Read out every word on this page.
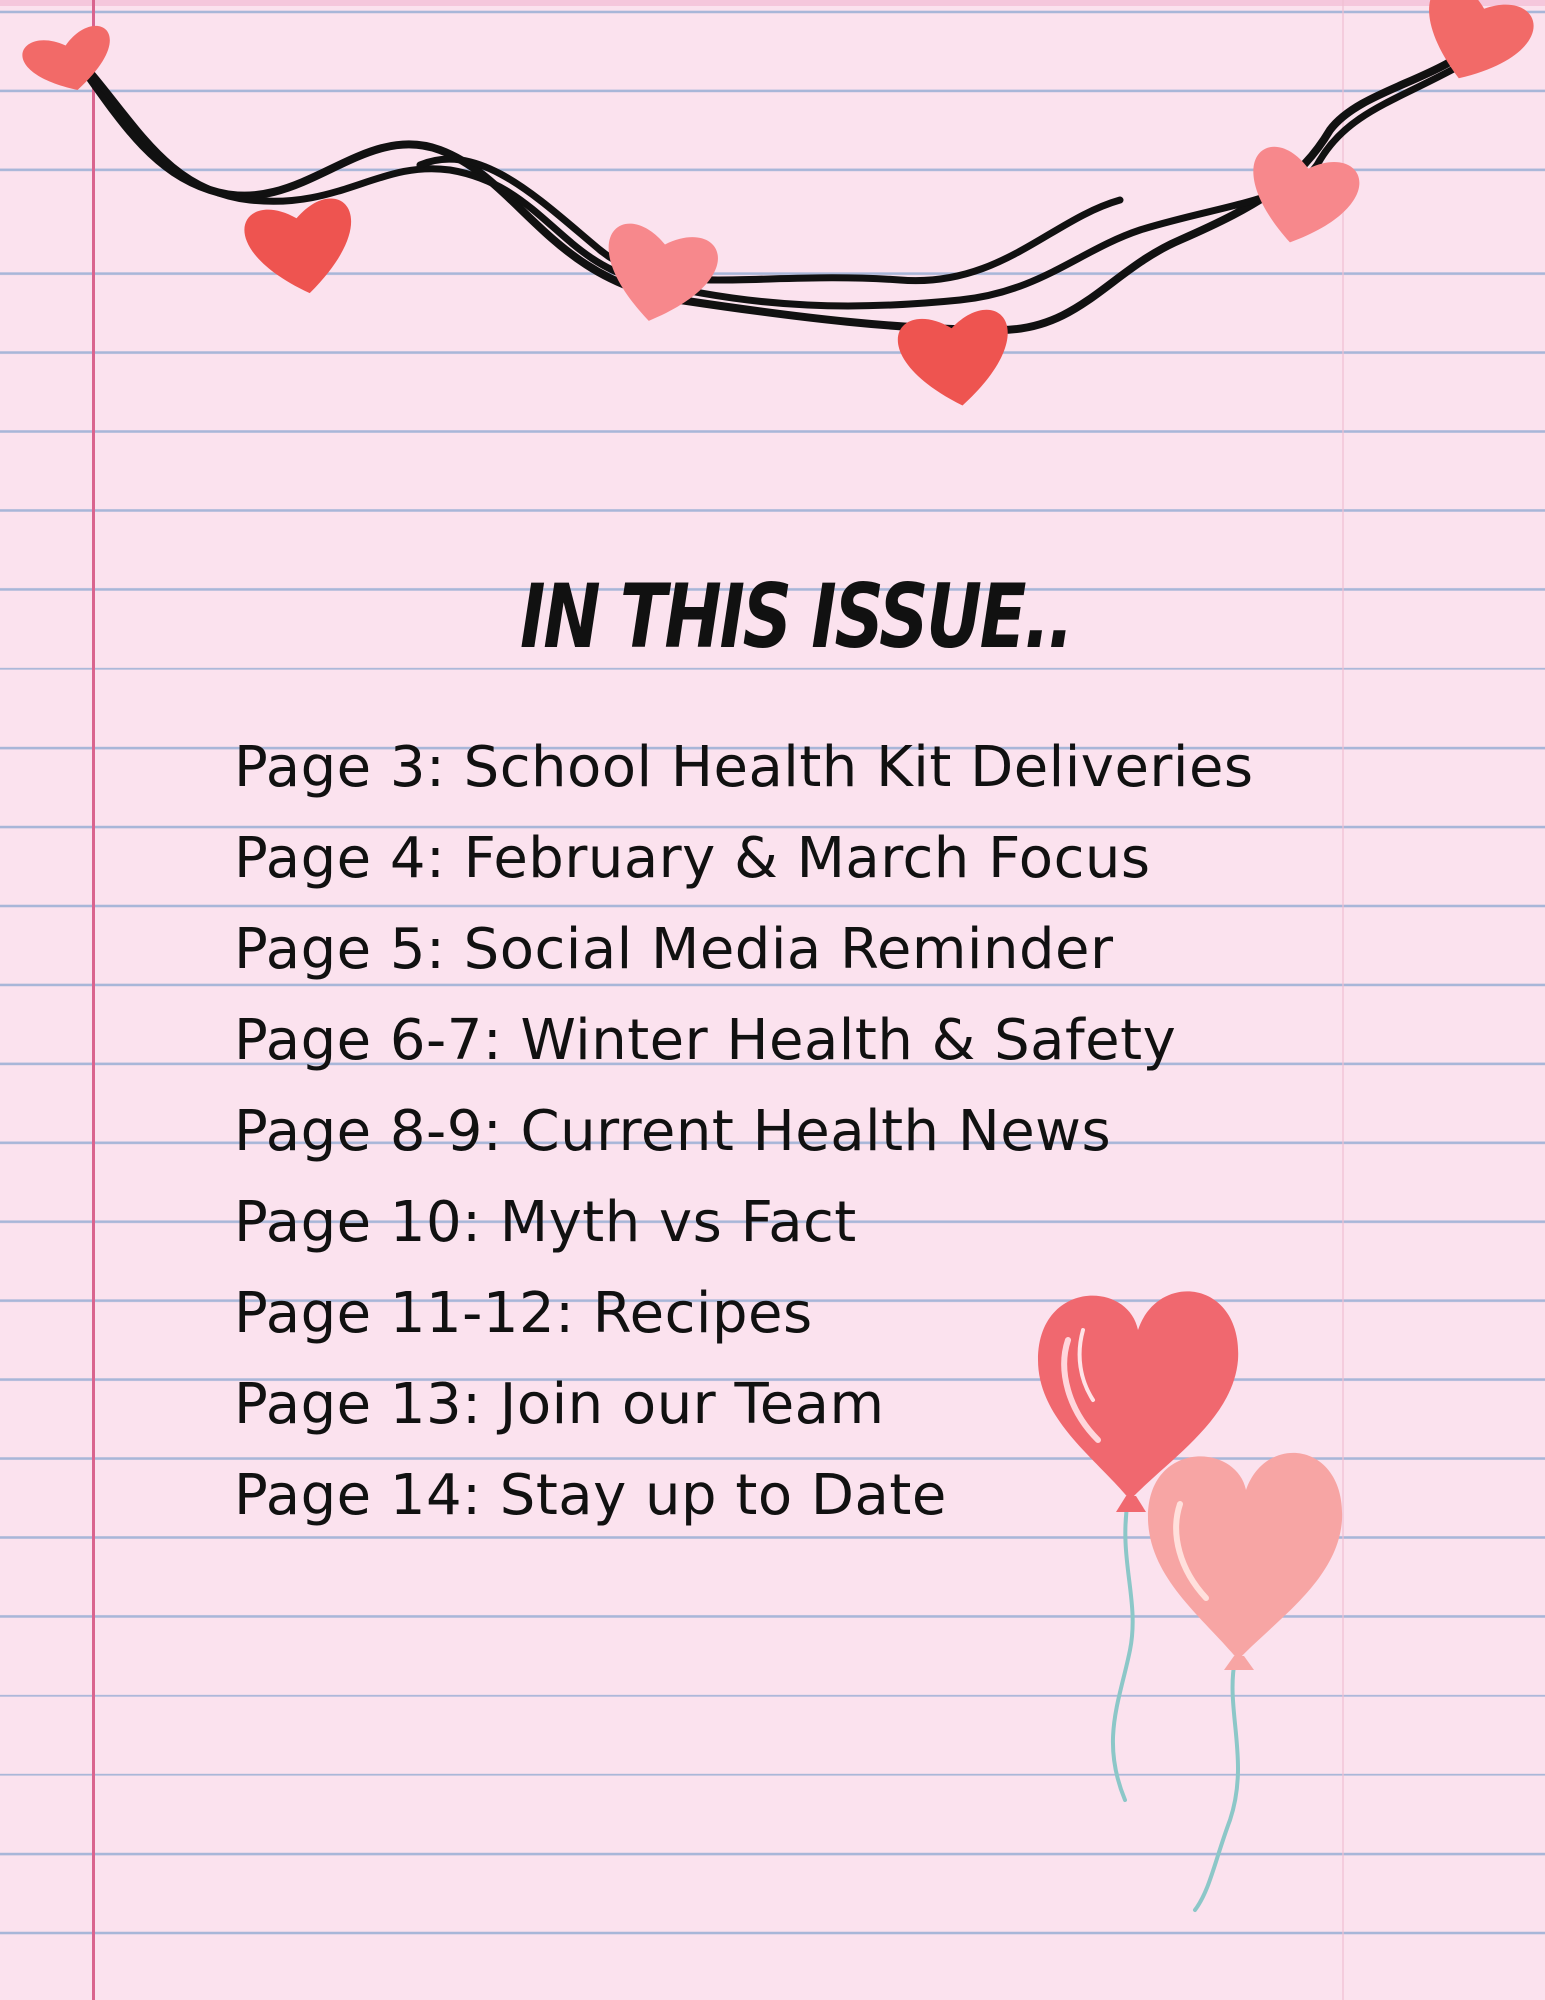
IN THIS ISSUE..
Page 3: School Health Kit Deliveries
Page 4: February & March Focus
Page 5: Social Media Reminder
Page 6-7: Winter Health & Safety
Page 8-9: Current Health News
Page 10: Myth vs Fact
Page 11-12: Recipes
Page 13: Join our Team
Page 14: Stay up to Date
